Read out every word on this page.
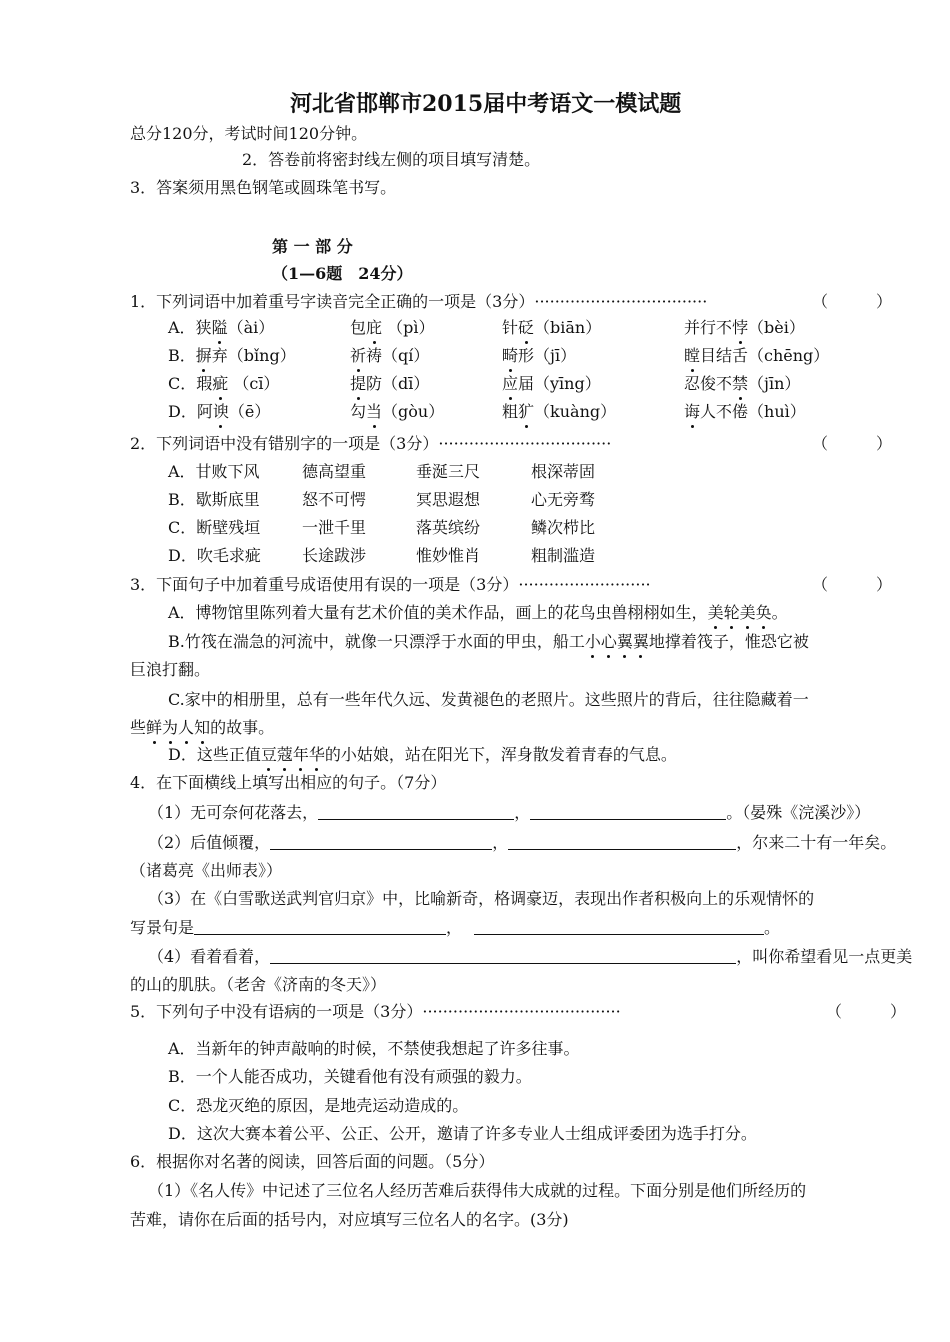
河北省邯郸市2015届中考语文一模试题
总分120分，考试时间120分钟。
2．答卷前将密封线左侧的项目填写清楚。
3．答案须用黑色钢笔或圆珠笔书写。
第 一 部 分
（1—6题　24分）
1．下列词语中加着重号字读音完全正确的一项是（3分）··································	（　　　）
A．狭隘（ài）	包庇 （pì）	针砭（biān）	并行不悖（bèi）
B．摒弃（bǐng）	祈祷（qí）	畸形（jī）	瞠目结舌（chēng）
C．瑕疵 （cī）	提防（dī）	应届（yīng）	忍俊不禁（jīn）
D．阿谀（ē）	勾当（gòu）	粗犷（kuàng）	诲人不倦（huì）
2．下列词语中没有错别字的一项是（3分）··································	（　　　）
A．甘败下风	德高望重	垂涎三尺	根深蒂固
B．歇斯底里	怒不可愕	冥思遐想	心无旁骛
C．断壁残垣	一泄千里	落英缤纷	鳞次栉比
D．吹毛求疵	长途跋涉	惟妙惟肖	粗制滥造
3．下面句子中加着重号成语使用有误的一项是（3分）··························	（　　　）
A．博物馆里陈列着大量有艺术价值的美术作品，画上的花鸟虫兽栩栩如生，美轮美奂。
B.竹筏在湍急的河流中，就像一只漂浮于水面的甲虫，船工小心翼翼地撑着筏子，惟恐它被
巨浪打翻。
C.家中的相册里，总有一些年代久远、发黄褪色的老照片。这些照片的背后，往往隐藏着一
些鲜为人知的故事。
D．这些正值豆蔻年华的小姑娘，站在阳光下，浑身散发着青春的气息。
4．在下面横线上填写出相应的句子。（7分）
（1）无可奈何花落去，	，	。（晏殊《浣溪沙》）
（2）后值倾覆，	，	，尔来二十有一年矣。
（诸葛亮《出师表》）
（3）在《白雪歌送武判官归京》中，比喻新奇，格调豪迈，表现出作者积极向上的乐观情怀的
写景句是	，	。
（4）看着看着，	，叫你希望看见一点更美
的山的肌肤。（老舍《济南的冬天》）
5．下列句子中没有语病的一项是（3分）·······································	（　　　）
A．当新年的钟声敲响的时候，不禁使我想起了许多往事。
B．一个人能否成功，关键看他有没有顽强的毅力。
C．恐龙灭绝的原因，是地壳运动造成的。
D．这次大赛本着公平、公正、公开，邀请了许多专业人士组成评委团为选手打分。
6．根据你对名著的阅读，回答后面的问题。（5分）
（1）《名人传》中记述了三位名人经历苦难后获得伟大成就的过程。下面分别是他们所经历的
苦难，请你在后面的括号内，对应填写三位名人的名字。(3分)
